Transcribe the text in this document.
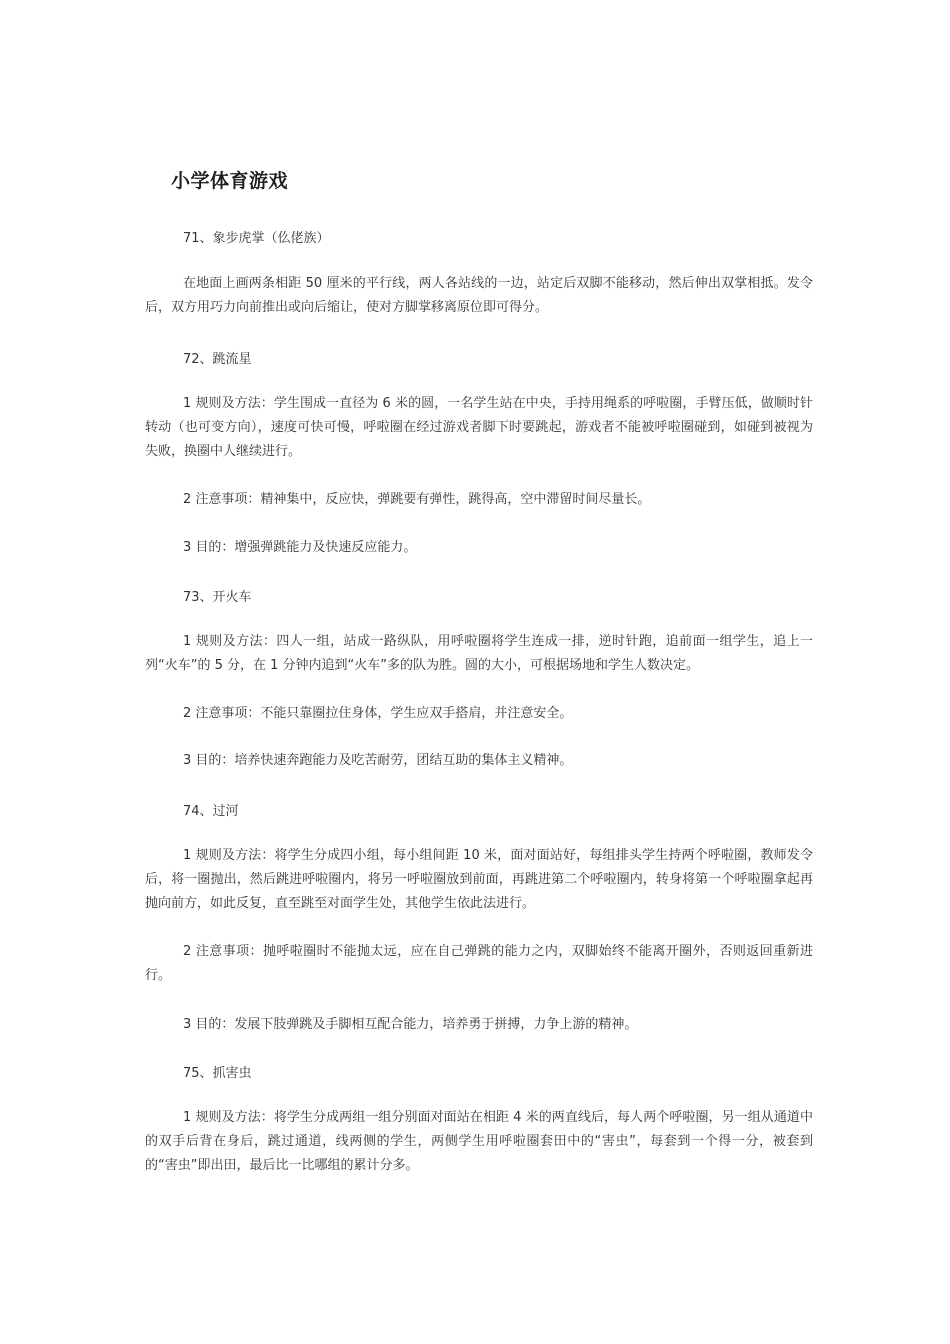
小学体育游戏
71、象步虎掌（仫佬族）
在地面上画两条相距 50 厘米的平行线，两人各站线的一边，站定后双脚不能移动，然后伸出双掌相抵。发令后，双方用巧力向前推出或向后缩让，使对方脚掌移离原位即可得分。
72、跳流星
1 规则及方法：学生围成一直径为 6 米的圆，一名学生站在中央，手持用绳系的呼啦圈，手臂压低，做顺时针转动（也可变方向），速度可快可慢，呼啦圈在经过游戏者脚下时要跳起，游戏者不能被呼啦圈碰到，如碰到被视为失败，换圈中人继续进行。
2 注意事项：精神集中，反应快，弹跳要有弹性，跳得高，空中滞留时间尽量长。
3 目的：增强弹跳能力及快速反应能力。
73、开火车
1 规则及方法：四人一组，站成一路纵队，用呼啦圈将学生连成一排，逆时针跑，追前面一组学生，追上一列“火车”的 5 分，在 1 分钟内追到“火车”多的队为胜。圆的大小，可根据场地和学生人数决定。
2 注意事项：不能只靠圈拉住身体，学生应双手搭肩，并注意安全。
3 目的：培养快速奔跑能力及吃苦耐劳，团结互助的集体主义精神。
74、过河
1 规则及方法：将学生分成四小组，每小组间距 10 米，面对面站好，每组排头学生持两个呼啦圈，教师发令后，将一圈抛出，然后跳进呼啦圈内，将另一呼啦圈放到前面，再跳进第二个呼啦圈内，转身将第一个呼啦圈拿起再抛向前方，如此反复，直至跳至对面学生处，其他学生依此法进行。
2 注意事项：抛呼啦圈时不能抛太远，应在自己弹跳的能力之内，双脚始终不能离开圈外，否则返回重新进行。
3 目的：发展下肢弹跳及手脚相互配合能力，培养勇于拼搏，力争上游的精神。
75、抓害虫
1 规则及方法：将学生分成两组一组分别面对面站在相距 4 米的两直线后，每人两个呼啦圈，另一组从通道中的双手后背在身后，跳过通道，线两侧的学生，两侧学生用呼啦圈套田中的“害虫”，每套到一个得一分，被套到的“害虫”即出田，最后比一比哪组的累计分多。
